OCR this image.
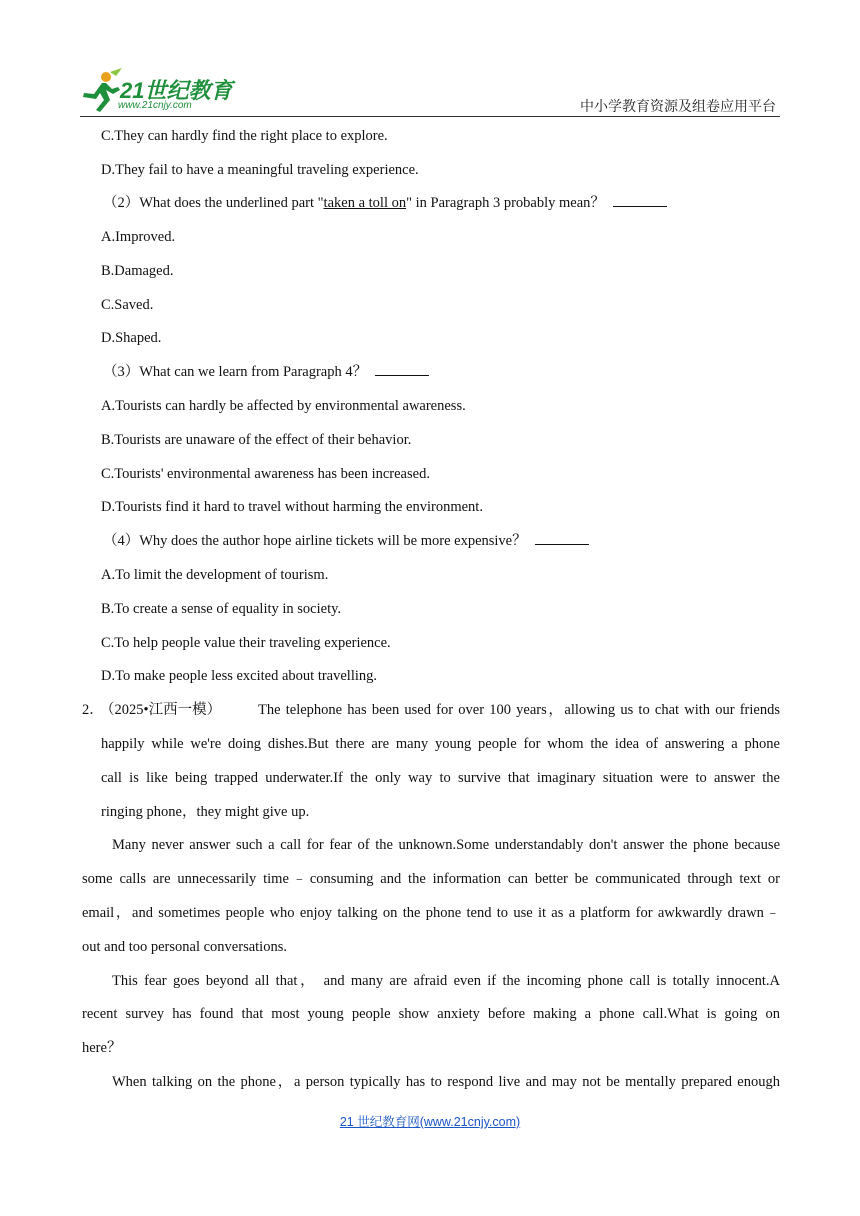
21世纪教育
www.21cnjy.com	中小学教育资源及组卷应用平台
C.They can hardly find the right place to explore.
D.They fail to have a meaningful traveling experience.
（2）What does the underlined part "taken a toll on" in Paragraph 3 probably mean？
A.Improved.
B.Damaged.
C.Saved.
D.Shaped.
（3）What can we learn from Paragraph 4？
A.Tourists can hardly be affected by environmental awareness.
B.Tourists are unaware of the effect of their behavior.
C.Tourists' environmental awareness has been increased.
D.Tourists find it hard to travel without harming the environment.
（4）Why does the author hope airline tickets will be more expensive？
A.To limit the development of tourism.
B.To create a sense of equality in society.
C.To help people value their traveling experience.
D.To make people less excited about travelling.
2．
（2025•江西一模）	The telephone has been used for over 100 years，allowing us to chat with our friends
happily while we're doing dishes.But there are many young people for whom the idea of answering a phone
call is like being trapped underwater.If the only way to survive that imaginary situation were to answer the
ringing phone，they might give up.
Many never answer such a call for fear of the unknown.Some understandably don't answer the phone because
some calls are unnecessarily time﹣consuming and the information can better be communicated through text or
email，and sometimes people who enjoy talking on the phone tend to use it as a platform for awkwardly drawn﹣
out and too personal conversations.
This fear goes beyond all that， and many are afraid even if the incoming phone call is totally innocent.A
recent survey has found that most young people show anxiety before making a phone call.What is going on
here？
When talking on the phone，a person typically has to respond live and may not be mentally prepared enough
21 世纪教育网(www.21cnjy.com)
